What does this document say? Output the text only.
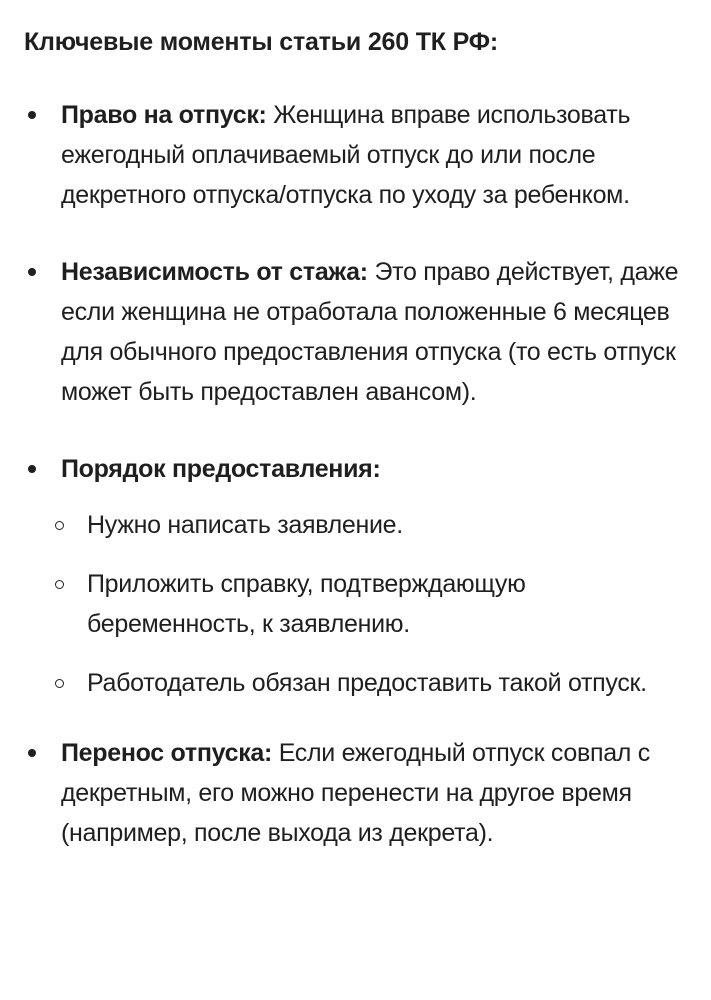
Ключевые моменты статьи 260 ТК РФ:
Право на отпуск: Женщина вправе использовать ежегодный оплачиваемый отпуск до или после декретного отпуска/отпуска по уходу за ребенком.
Независимость от стажа: Это право действует, даже если женщина не отработала положенные 6 месяцев для обычного предоставления отпуска (то есть отпуск может быть предоставлен авансом).
Порядок предоставления:
Нужно написать заявление.
Приложить справку, подтверждающую беременность, к заявлению.
Работодатель обязан предоставить такой отпуск.
Перенос отпуска: Если ежегодный отпуск совпал с декретным, его можно перенести на другое время (например, после выхода из декрета).
